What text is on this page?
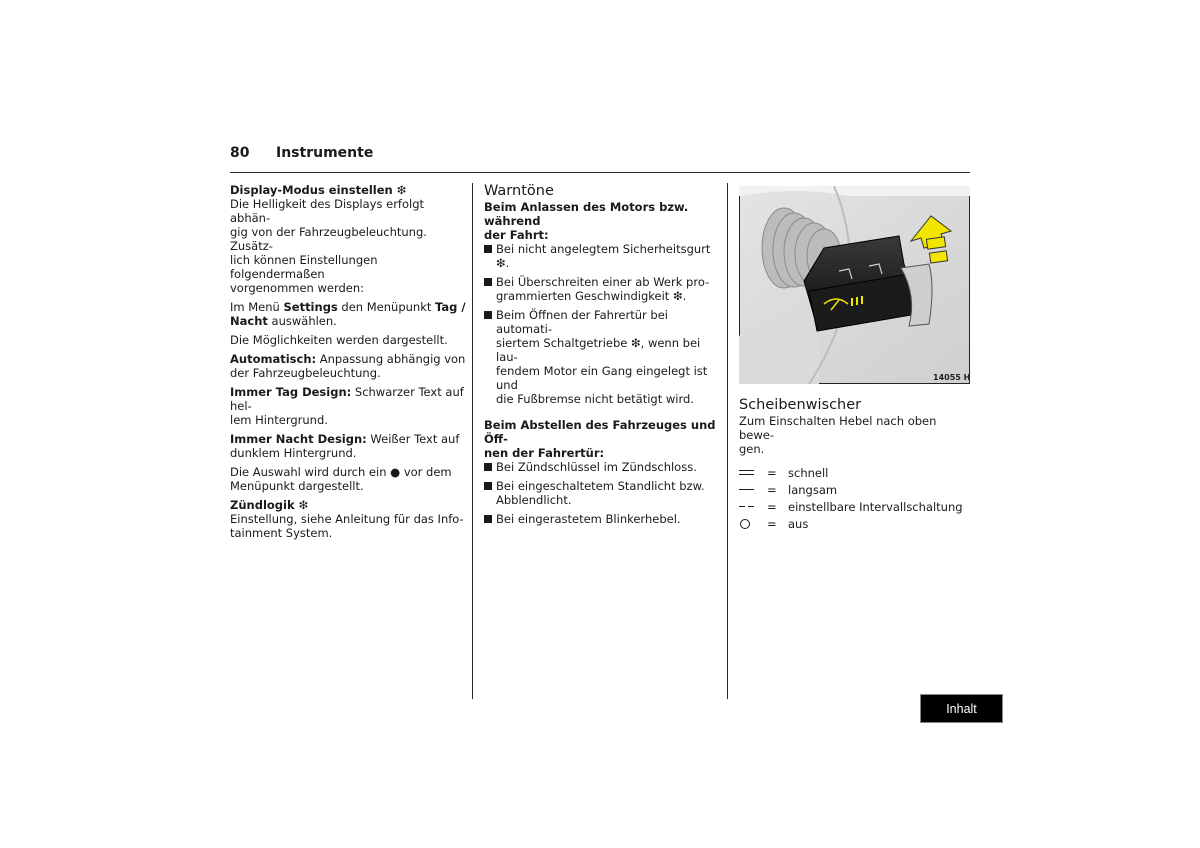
80 Instrumente

Display-Modus einstellen ❇

Die Helligkeit des Displays erfolgt abhän-
gig von der Fahrzeugbeleuchtung. Zusätz-
lich können Einstellungen folgendermaßen
vorgenommen werden:

Im Menü Settings den Menüpunkt Tag /
Nacht auswählen.

Die Möglichkeiten werden dargestellt.

Automatisch: Anpassung abhängig von
der Fahrzeugbeleuchtung.

Immer Tag Design: Schwarzer Text auf hel-
lem Hintergrund.

Immer Nacht Design: Weißer Text auf
dunklem Hintergrund.

Die Auswahl wird durch ein ● vor dem
Menüpunkt dargestellt.

Zündlogik ❇

Einstellung, siehe Anleitung für das Info-
tainment System.

Warntöne

Beim Anlassen des Motors bzw. während
der Fahrt:

Bei nicht angelegtem Sicherheitsgurt ❇.
Bei Überschreiten einer ab Werk pro-
grammierten Geschwindigkeit ❇.
Beim Öffnen der Fahrertür bei automati-
siertem Schaltgetriebe ❇, wenn bei lau-
fendem Motor ein Gang eingelegt ist und
die Fußbremse nicht betätigt wird.

Beim Abstellen des Fahrzeuges und Öff-
nen der Fahrertür:

Bei Zündschlüssel im Zündschloss.
Bei eingeschaltetem Standlicht bzw.
Abblendlicht.
Bei eingerastetem Blinkerhebel.
14055 H

Scheibenwischer

Zum Einschalten Hebel nach oben bewe-
gen.

= schnell
= langsam
= einstellbare Intervallschaltung
= aus
Inhalt
